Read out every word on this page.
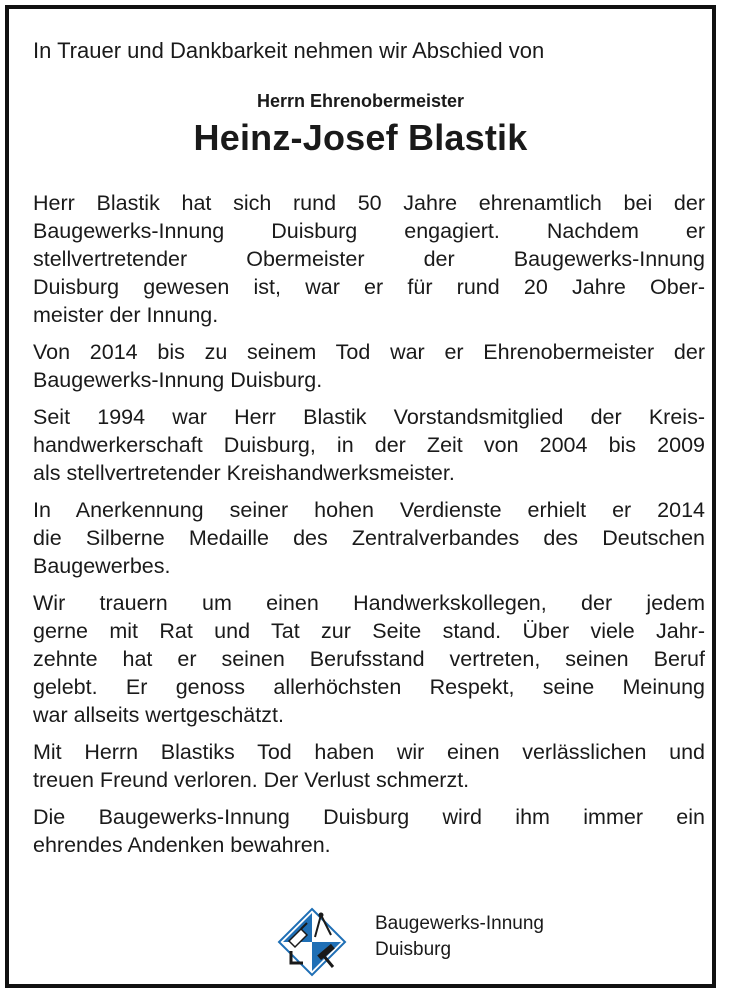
In Trauer und Dankbarkeit nehmen wir Abschied von

Herrn Ehrenobermeister

Heinz-Josef Blastik

Herr Blastik hat sich rund 50 Jahre ehrenamtlich bei der
Baugewerks-Innung Duisburg engagiert. Nachdem er
stellvertretender Obermeister der Baugewerks-Innung
Duisburg gewesen ist, war er für rund 20 Jahre Ober-
meister der Innung.

Von 2014 bis zu seinem Tod war er Ehrenobermeister der
Baugewerks-Innung Duisburg.

Seit 1994 war Herr Blastik Vorstandsmitglied der Kreis-
handwerkerschaft Duisburg, in der Zeit von 2004 bis 2009
als stellvertretender Kreishandwerksmeister.

In Anerkennung seiner hohen Verdienste erhielt er 2014
die Silberne Medaille des Zentralverbandes des Deutschen
Baugewerbes.

Wir trauern um einen Handwerkskollegen, der jedem
gerne mit Rat und Tat zur Seite stand. Über viele Jahr-
zehnte hat er seinen Berufsstand vertreten, seinen Beruf
gelebt. Er genoss allerhöchsten Respekt, seine Meinung
war allseits wertgeschätzt.

Mit Herrn Blastiks Tod haben wir einen verlässlichen und
treuen Freund verloren. Der Verlust schmerzt.

Die Baugewerks-Innung Duisburg wird ihm immer ein
ehrendes Andenken bewahren.

Baugewerks-Innung
Duisburg
